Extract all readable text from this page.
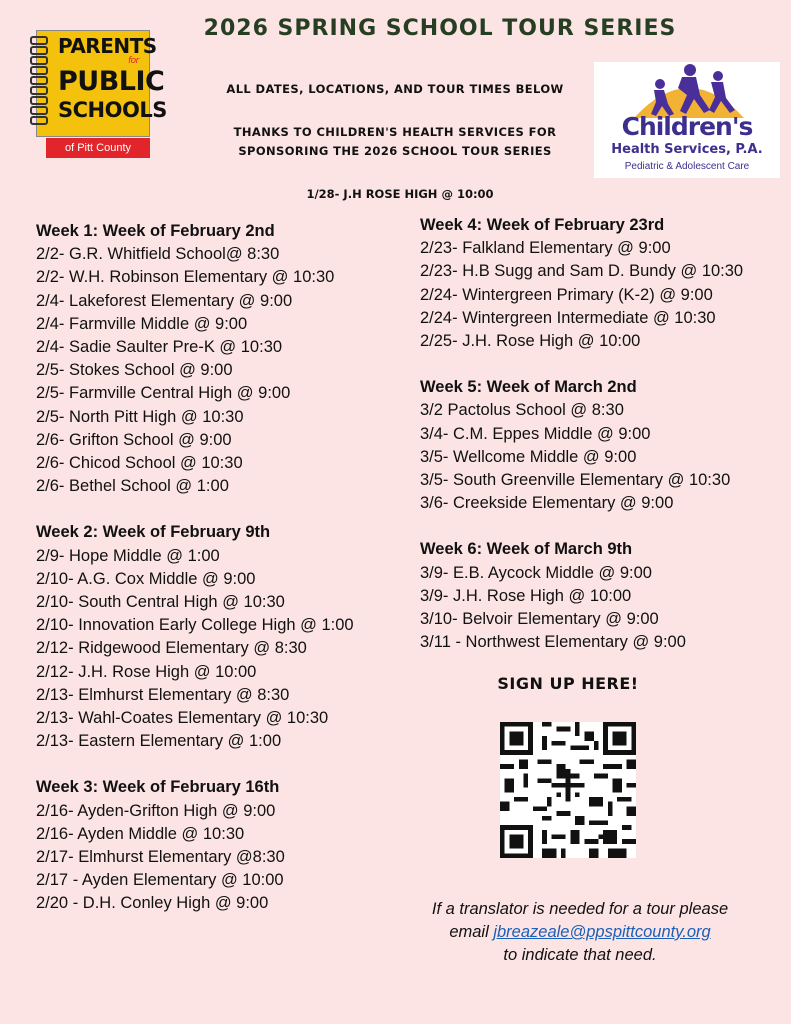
PARENTS
for
PUBLIC
SCHOOLS
of Pitt County
2026 SPRING SCHOOL TOUR SERIES
ALL DATES, LOCATIONS, AND TOUR TIMES BELOW
THANKS TO CHILDREN'S HEALTH SERVICES FOR
SPONSORING THE 2026 SCHOOL TOUR SERIES
Children's
Health Services, P.A.
Pediatric & Adolescent Care
1/28- J.H ROSE HIGH @ 10:00
Week 1: Week of February 2nd
2/2- G.R. Whitfield School@ 8:30
2/2- W.H. Robinson Elementary @ 10:30
2/4- Lakeforest Elementary @ 9:00
2/4- Farmville Middle @ 9:00
2/4- Sadie Saulter Pre-K @ 10:30
2/5- Stokes School @ 9:00
2/5- Farmville Central High @ 9:00
2/5- North Pitt High @ 10:30
2/6- Grifton School @ 9:00
2/6- Chicod School @ 10:30
2/6- Bethel School @ 1:00
Week 2: Week of February 9th
2/9- Hope Middle @ 1:00
2/10- A.G. Cox Middle @ 9:00
2/10- South Central High @ 10:30
2/10- Innovation Early College High @ 1:00
2/12- Ridgewood Elementary @ 8:30
2/12- J.H. Rose High @ 10:00
2/13- Elmhurst Elementary @ 8:30
2/13- Wahl-Coates Elementary @ 10:30
2/13- Eastern Elementary @ 1:00
Week 3: Week of February 16th
2/16- Ayden-Grifton High @ 9:00
2/16- Ayden Middle @ 10:30
2/17- Elmhurst Elementary @8:30
2/17 - Ayden Elementary @ 10:00
2/20 - D.H. Conley High @ 9:00
Week 4: Week of February 23rd
2/23- Falkland Elementary @ 9:00
2/23- H.B Sugg and Sam D. Bundy @ 10:30
2/24- Wintergreen Primary (K-2) @ 9:00
2/24- Wintergreen Intermediate @ 10:30
2/25- J.H. Rose High @ 10:00
Week 5: Week of March 2nd
3/2 Pactolus School @ 8:30
3/4- C.M. Eppes Middle @ 9:00
3/5- Wellcome Middle @ 9:00
3/5- South Greenville Elementary @ 10:30
3/6- Creekside Elementary @ 9:00
Week 6: Week of March 9th
3/9- E.B. Aycock Middle @ 9:00
3/9- J.H. Rose High @ 10:00
3/10- Belvoir Elementary @ 9:00
3/11 - Northwest Elementary @ 9:00
SIGN UP HERE!
If a translator is needed for a tour please
email jbreazeale@ppspittcounty.org
to indicate that need.
